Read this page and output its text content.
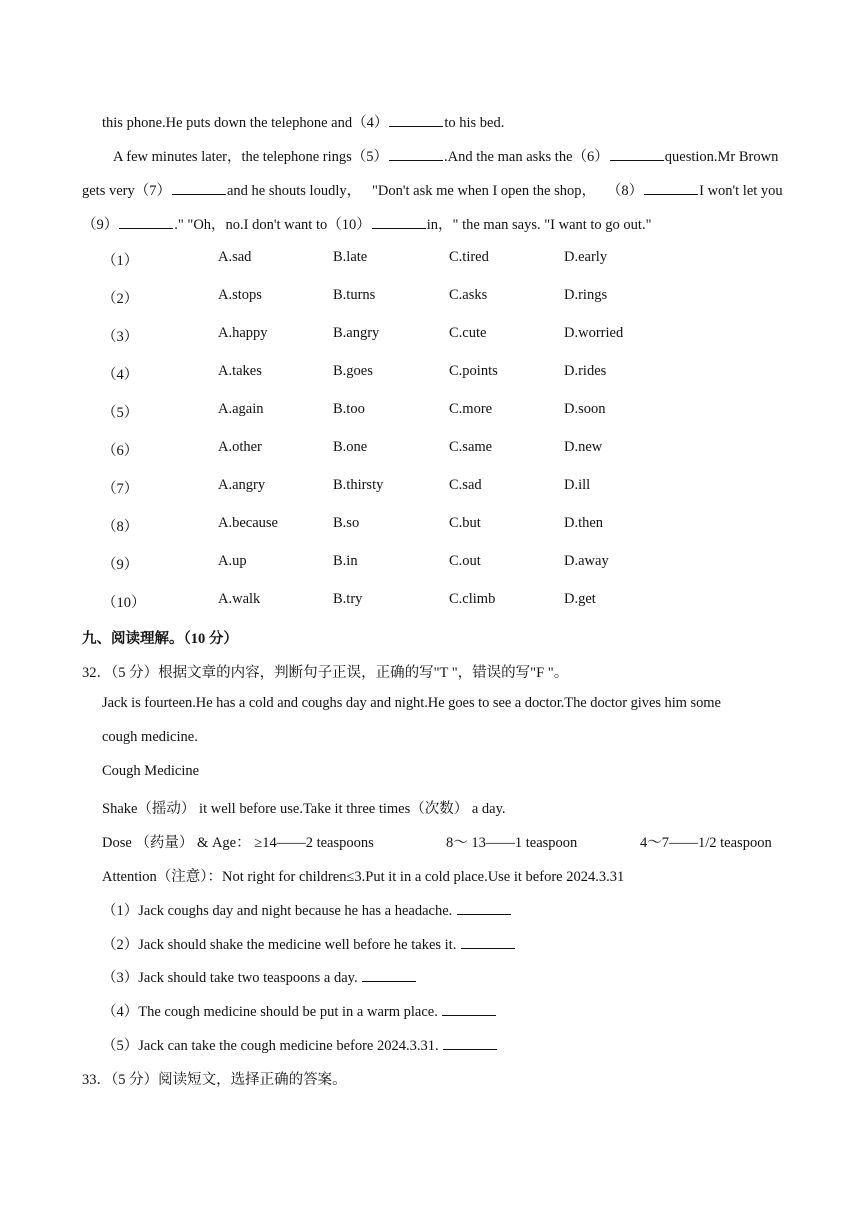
this phone.He puts down the telephone and（4）	to his bed.
A few minutes later，the telephone rings（5）	.And the man asks the（6）	question.Mr Brown
gets very（7）	and he shouts loudly， "Don't ask me when I open the shop， （8）	I won't let you
（9）	." "Oh，no.I don't want to（10）	in，" the man says. "I want to go out."
（1）	A.sad	B.late	C.tired	D.early
（2）	A.stops	B.turns	C.asks	D.rings
（3）	A.happy	B.angry	C.cute	D.worried
（4）	A.takes	B.goes	C.points	D.rides
（5）	A.again	B.too	C.more	D.soon
（6）	A.other	B.one	C.same	D.new
（7）	A.angry	B.thirsty	C.sad	D.ill
（8）	A.because	B.so	C.but	D.then
（9）	A.up	B.in	C.out	D.away
（10）	A.walk	B.try	C.climb	D.get
九、阅读理解。（10 分）
32．（5 分）根据文章的内容，判断句子正误，正确的写"T "，错误的写"F "。
Jack is fourteen.He has a cold and coughs day and night.He goes to see a doctor.The doctor gives him some
cough medicine.
Cough Medicine
Shake（摇动） it well before use.Take it three times（次数） a day.
Dose （药量） & Age： ≥14——2 teaspoons	8～ 13——1 teaspoon	4～7——1/2 teaspoon
Attention（注意）：Not right for children≤3.Put it in a cold place.Use it before 2024.3.31
（1）Jack coughs day and night because he has a headache.
（2）Jack should shake the medicine well before he takes it.
（3）Jack should take two teaspoons a day.
（4）The cough medicine should be put in a warm place.
（5）Jack can take the cough medicine before 2024.3.31.
33．（5 分）阅读短文，选择正确的答案。
